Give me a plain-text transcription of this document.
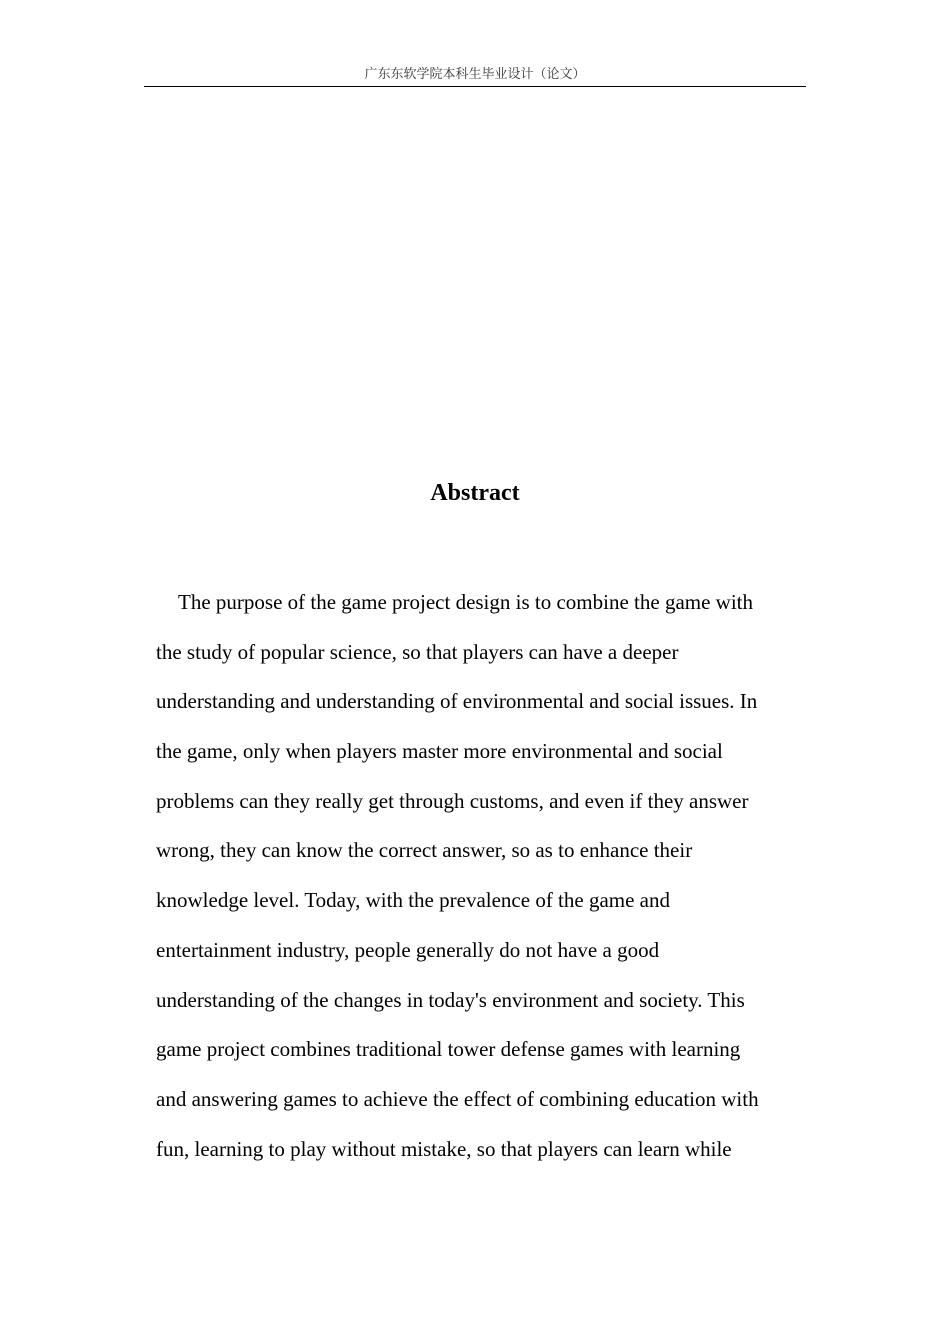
广东东软学院本科生毕业设计（论文）
Abstract
The purpose of the game project design is to combine the game with
the study of popular science, so that players can have a deeper
understanding and understanding of environmental and social issues. In
the game, only when players master more environmental and social
problems can they really get through customs, and even if they answer
wrong, they can know the correct answer, so as to enhance their
knowledge level. Today, with the prevalence of the game and
entertainment industry, people generally do not have a good
understanding of the changes in today's environment and society. This
game project combines traditional tower defense games with learning
and answering games to achieve the effect of combining education with
fun, learning to play without mistake, so that players can learn while
